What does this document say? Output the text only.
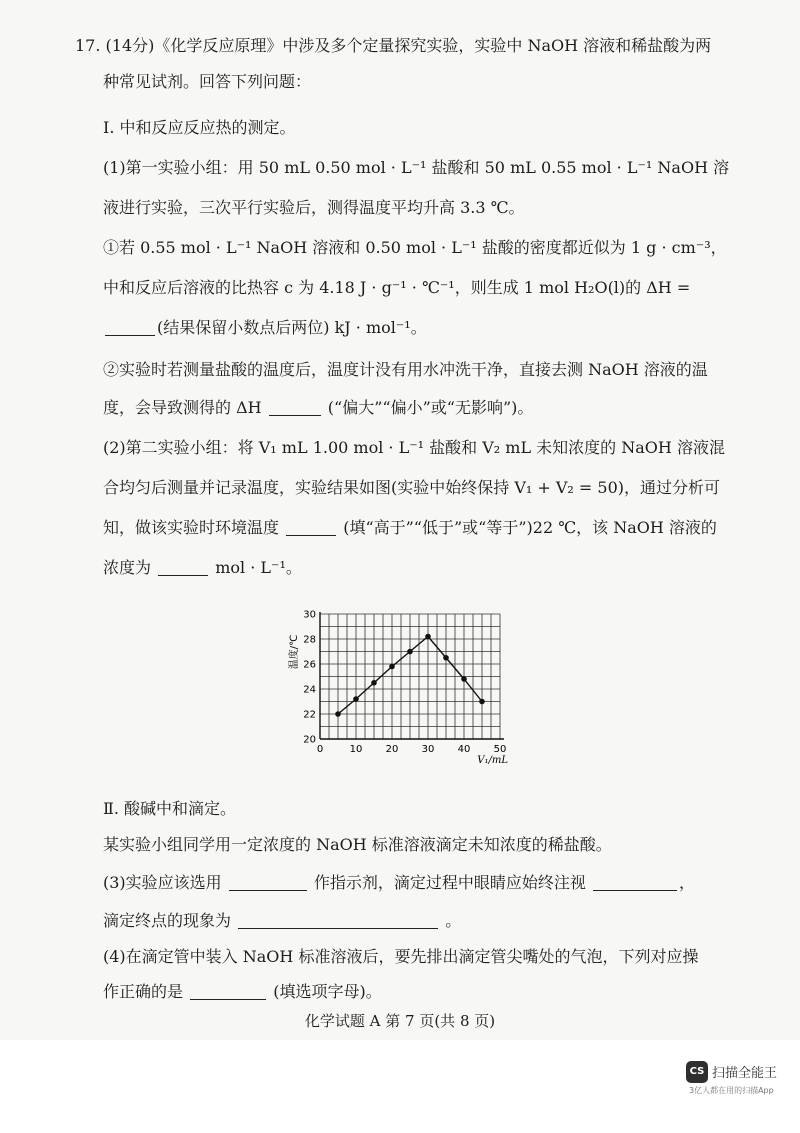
17. (14分)《化学反应原理》中涉及多个定量探究实验，实验中 NaOH 溶液和稀盐酸为两
种常见试剂。回答下列问题：
Ⅰ. 中和反应反应热的测定。
(1)第一实验小组：用 50 mL 0.50 mol · L⁻¹ 盐酸和 50 mL 0.55 mol · L⁻¹ NaOH 溶
液进行实验，三次平行实验后，测得温度平均升高 3.3 ℃。
①若 0.55 mol · L⁻¹ NaOH 溶液和 0.50 mol · L⁻¹ 盐酸的密度都近似为 1 g · cm⁻³，
中和反应后溶液的比热容 c 为 4.18 J · g⁻¹ · ℃⁻¹，则生成 1 mol H₂O(l)的 ΔH =
(结果保留小数点后两位) kJ · mol⁻¹。
②实验时若测量盐酸的温度后，温度计没有用水冲洗干净，直接去测 NaOH 溶液的温
度，会导致测得的 ΔH	(“偏大”“偏小”或“无影响”)。
(2)第二实验小组：将 V₁ mL 1.00 mol · L⁻¹ 盐酸和 V₂ mL 未知浓度的 NaOH 溶液混
合均匀后测量并记录温度，实验结果如图(实验中始终保持 V₁ + V₂ = 50)，通过分析可
知，做该实验时环境温度	(填“高于”“低于”或“等于”)22 ℃，该 NaOH 溶液的
浓度为	mol · L⁻¹。
0	10 20 30 40 50
20
22
24
26
28
30
V₁/mL
温度/℃
Ⅱ. 酸碱中和滴定。
某实验小组同学用一定浓度的 NaOH 标准溶液滴定未知浓度的稀盐酸。
(3)实验应该选用	作指示剂，滴定过程中眼睛应始终注视	，
滴定终点的现象为	。
(4)在滴定管中装入 NaOH 标准溶液后，要先排出滴定管尖嘴处的气泡，下列对应操
作正确的是	(填选项字母)。
化学试题 A 第 7 页(共 8 页)
CS 扫描全能王
3亿人都在用的扫描App
